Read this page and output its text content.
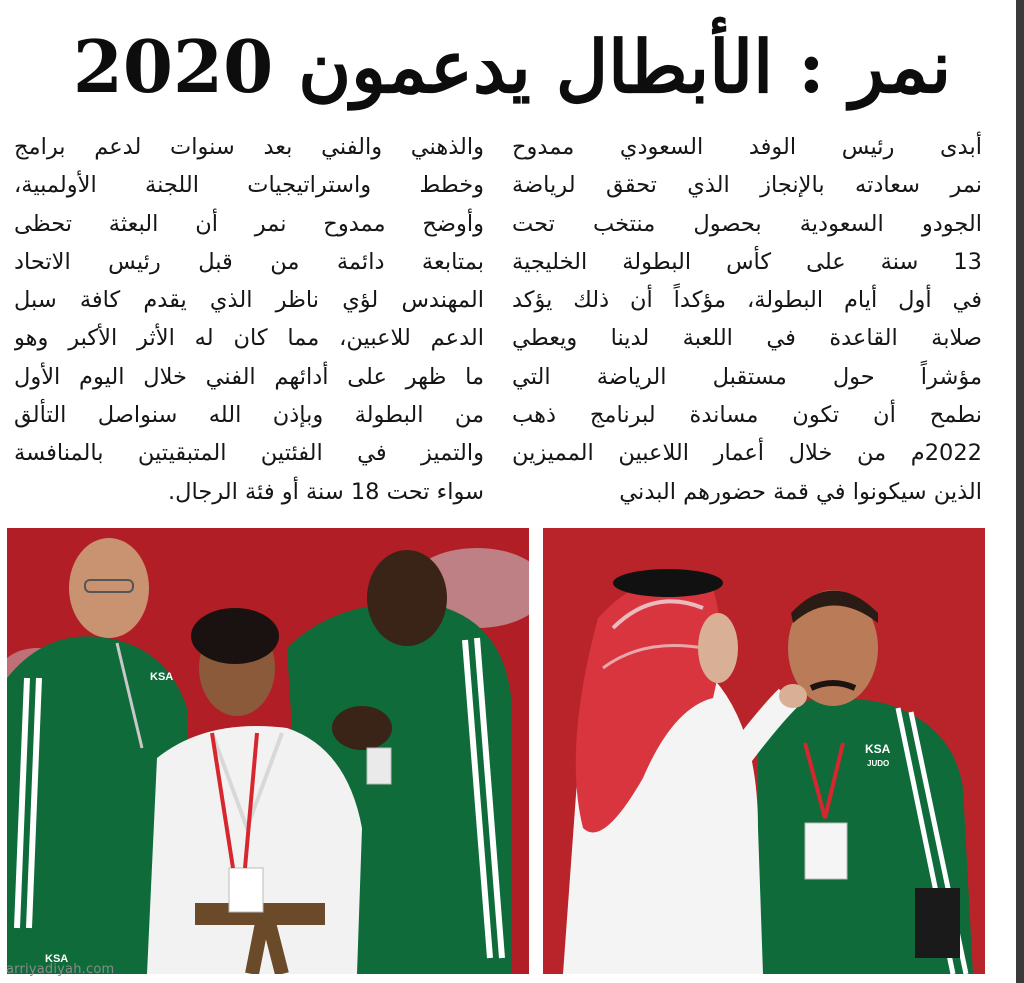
نمر : الأبطال يدعمون 2020
أبدى رئيس الوفد السعودي ممدوح
نمر سعادته بالإنجاز الذي تحقق لرياضة
الجودو السعودية بحصول منتخب تحت
13 سنة على كأس البطولة الخليجية
في أول أيام البطولة، مؤكداً أن ذلك يؤكد
صلابة القاعدة في اللعبة لدينا ويعطي
مؤشراً حول مستقبل الرياضة التي
نطمح أن تكون مساندة لبرنامج ذهب
2022م من خلال أعمار اللاعبين المميزين
الذين سيكونوا في قمة حضورهم البدني
والذهني والفني بعد سنوات لدعم برامج
وخطط واستراتيجيات اللجنة الأولمبية،
وأوضح ممدوح نمر أن البعثة تحظى
بمتابعة دائمة من قبل رئيس الاتحاد
المهندس لؤي ناظر الذي يقدم كافة سبل
الدعم للاعبين، مما كان له الأثر الأكبر وهو
ما ظهر على أدائهم الفني خلال اليوم الأول
من البطولة وبإذن الله سنواصل التألق
والتميز في الفئتين المتبقيتين بالمنافسة
سواء تحت 18 سنة أو فئة الرجال.
KSA
KSA
KSA
JUDO
arriyadiyah.com
